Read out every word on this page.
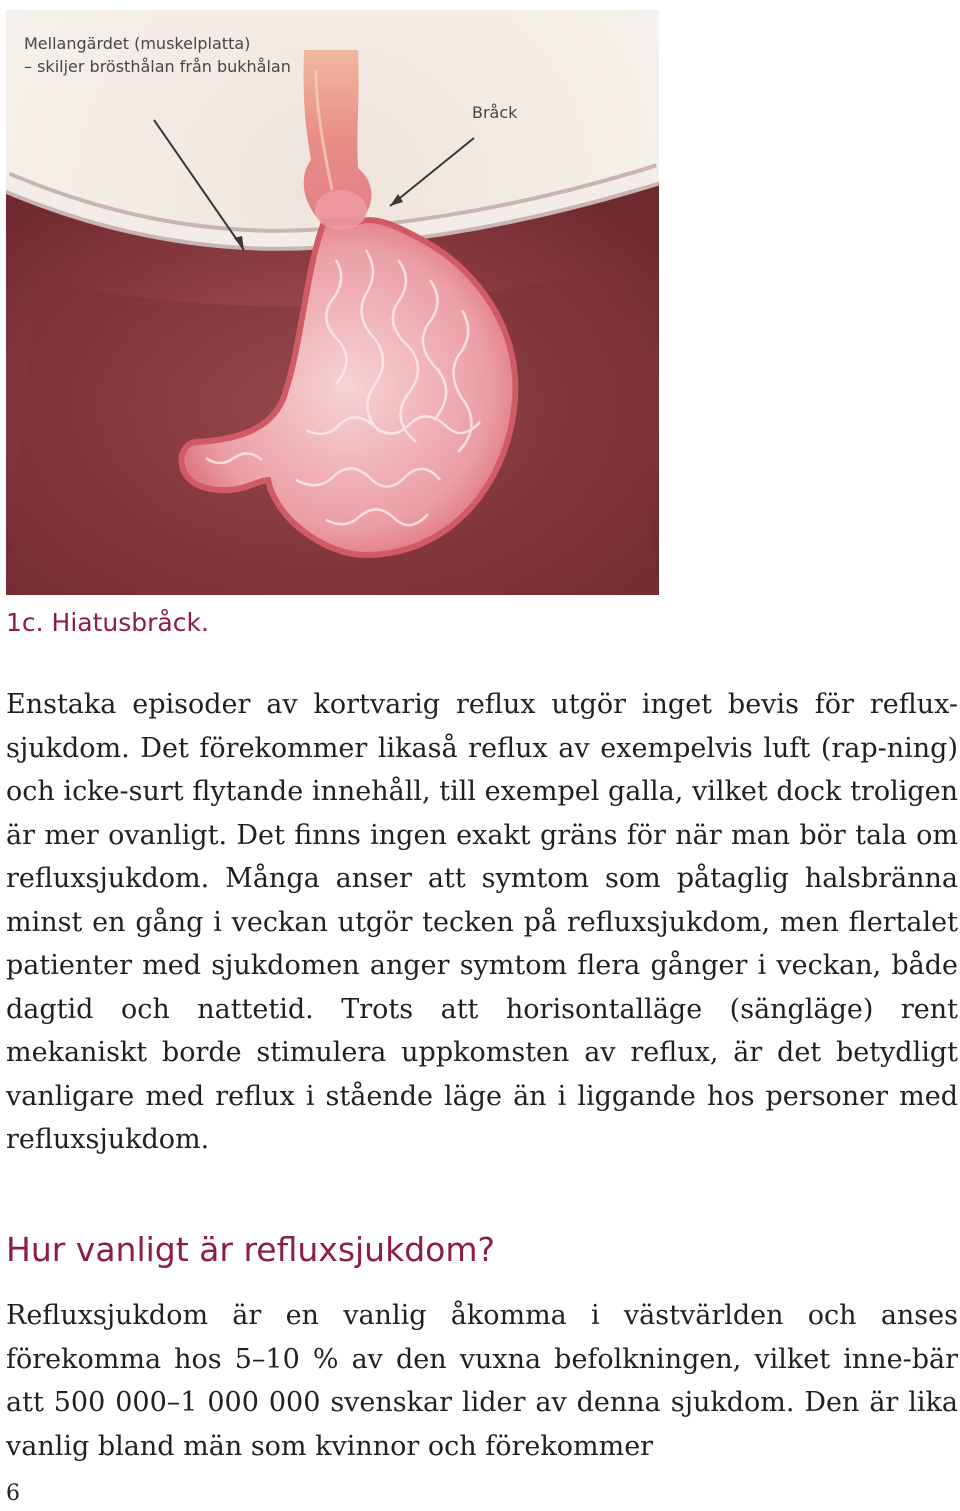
Mellangärdet (muskelplatta)
– skiljer brösthålan från bukhålan
Bråck
1c. Hiatusbråck.

Enstaka episoder av kortvarig reflux utgör inget bevis för reflux-sjukdom. Det förekommer likaså reflux av exempelvis luft (rap-ning) och icke-surt flytande innehåll, till exempel galla, vilket dock troligen är mer ovanligt. Det finns ingen exakt gräns för när man bör tala om refluxsjukdom. Många anser att symtom som påtaglig halsbränna minst en gång i veckan utgör tecken på refluxsjukdom, men flertalet patienter med sjukdomen anger symtom flera gånger i veckan, både dagtid och nattetid. Trots att horisontalläge (sängläge) rent mekaniskt borde stimulera uppkomsten av reflux, är det betydligt vanligare med reflux i stående läge än i liggande hos personer med refluxsjukdom.

Hur vanligt är refluxsjukdom?

Refluxsjukdom är en vanlig åkomma i västvärlden och anses förekomma hos 5–10 % av den vuxna befolkningen, vilket inne-bär att 500 000–1 000 000 svenskar lider av denna sjukdom. Den är lika vanlig bland män som kvinnor och förekommer

6
